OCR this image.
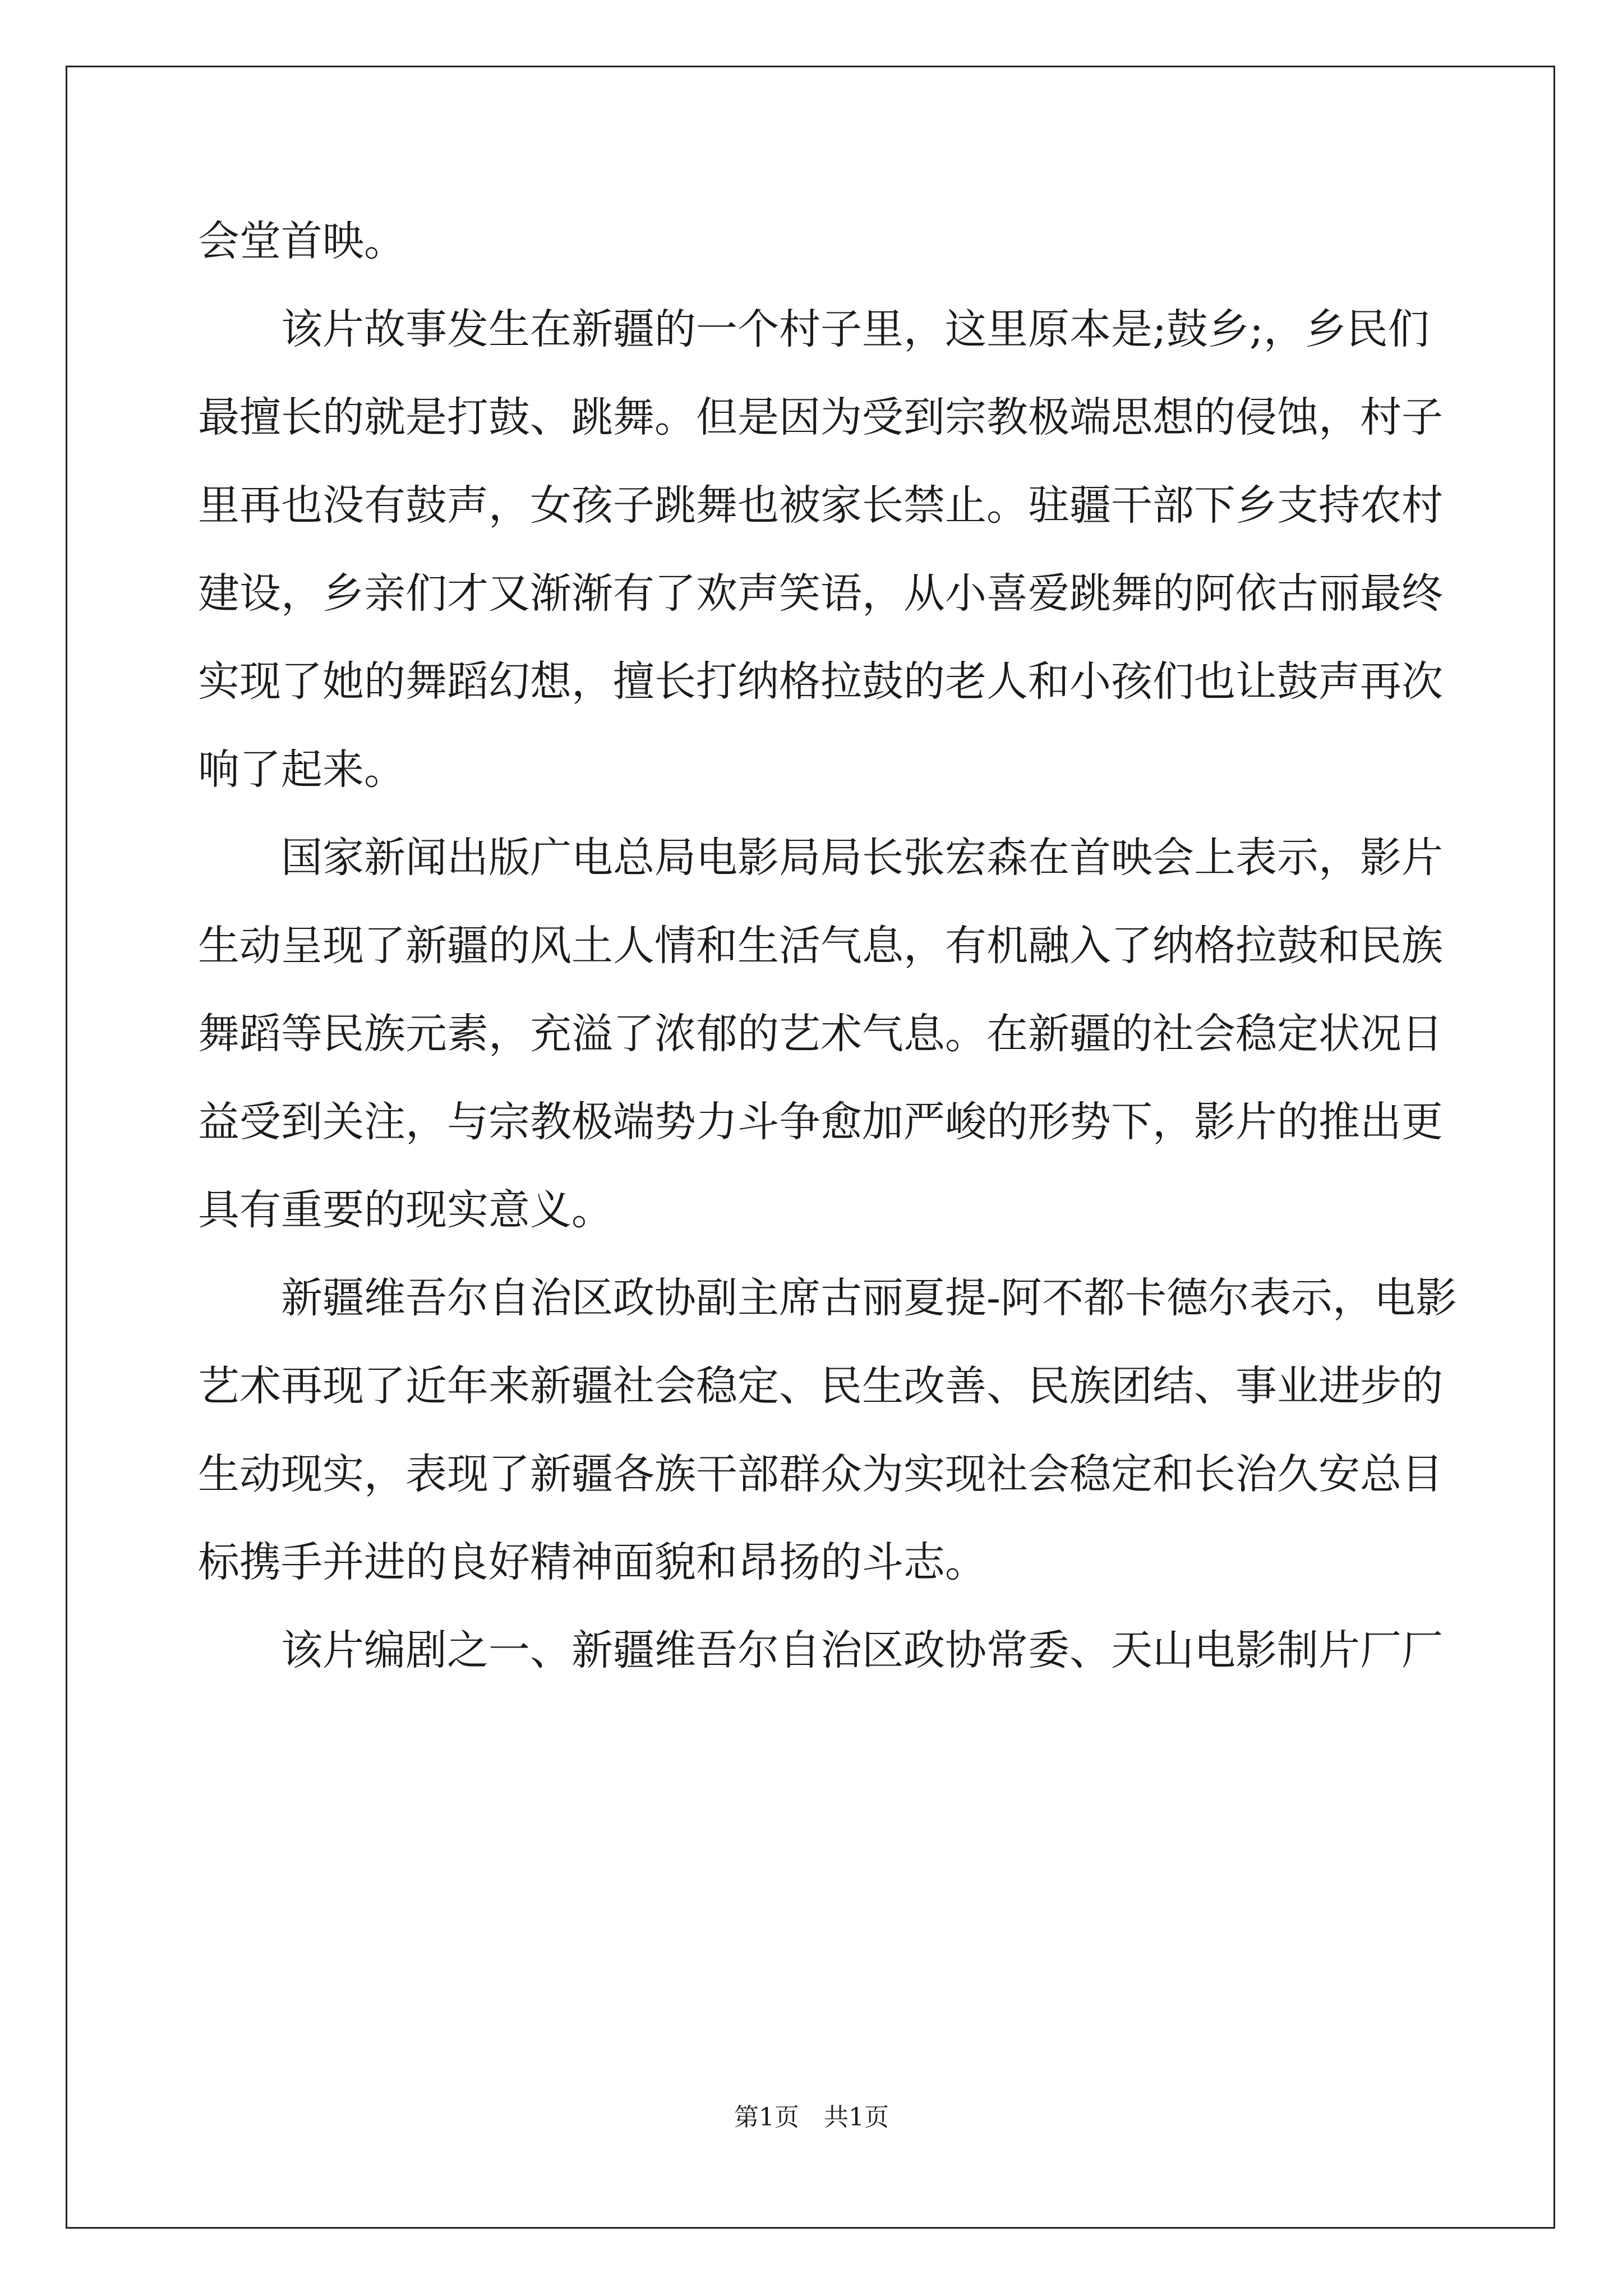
会堂首映。
该片故事发生在新疆的一个村子里，这里原本是;鼓乡;，乡民们
最擅长的就是打鼓、跳舞。但是因为受到宗教极端思想的侵蚀，村子
里再也没有鼓声，女孩子跳舞也被家长禁止。驻疆干部下乡支持农村
建设，乡亲们才又渐渐有了欢声笑语，从小喜爱跳舞的阿依古丽最终
实现了她的舞蹈幻想，擅长打纳格拉鼓的老人和小孩们也让鼓声再次
响了起来。
国家新闻出版广电总局电影局局长张宏森在首映会上表示，影片
生动呈现了新疆的风土人情和生活气息，有机融入了纳格拉鼓和民族
舞蹈等民族元素，充溢了浓郁的艺术气息。在新疆的社会稳定状况日
益受到关注，与宗教极端势力斗争愈加严峻的形势下，影片的推出更
具有重要的现实意义。
新疆维吾尔自治区政协副主席古丽夏提-阿不都卡德尔表示，电影
艺术再现了近年来新疆社会稳定、民生改善、民族团结、事业进步的
生动现实，表现了新疆各族干部群众为实现社会稳定和长治久安总目
标携手并进的良好精神面貌和昂扬的斗志。
该片编剧之一、新疆维吾尔自治区政协常委、天山电影制片厂厂
第1页　共1页
